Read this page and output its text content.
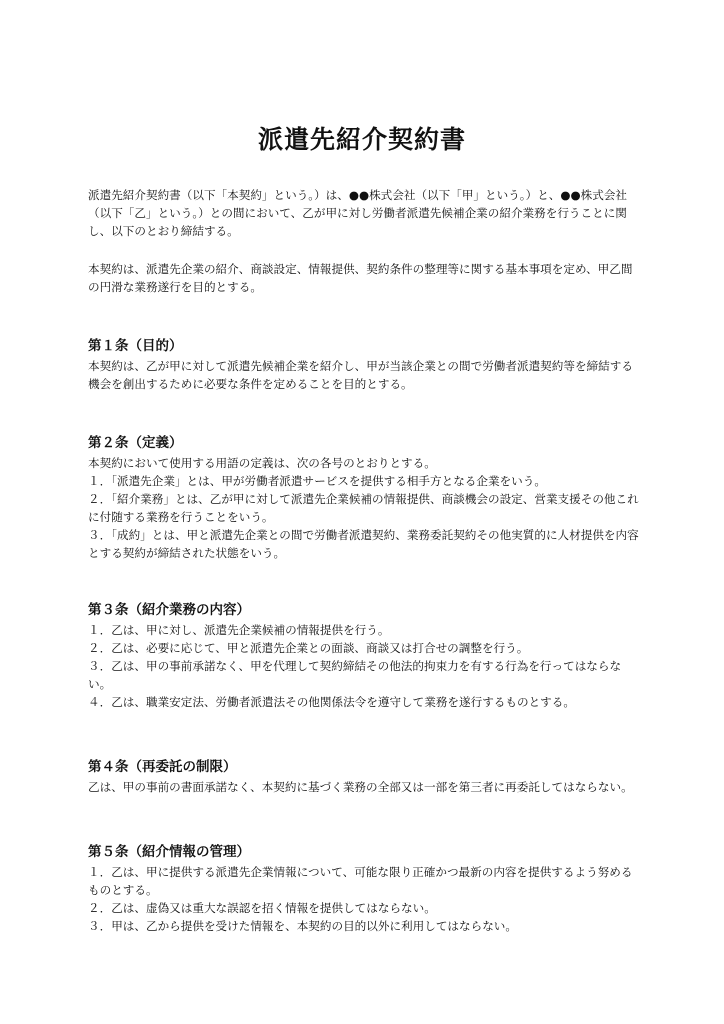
派遣先紹介契約書

派遣先紹介契約書（以下「本契約」という。）は、●●株式会社（以下「甲」という。）と、●●株式会社（以下「乙」という。）との間において、乙が甲に対し労働者派遣先候補企業の紹介業務を行うことに関し、以下のとおり締結する。

本契約は、派遣先企業の紹介、商談設定、情報提供、契約条件の整理等に関する基本事項を定め、甲乙間の円滑な業務遂行を目的とする。

第１条（目的）

本契約は、乙が甲に対して派遣先候補企業を紹介し、甲が当該企業との間で労働者派遣契約等を締結する機会を創出するために必要な条件を定めることを目的とする。

第２条（定義）

本契約において使用する用語の定義は、次の各号のとおりとする。

１．「派遣先企業」とは、甲が労働者派遣サービスを提供する相手方となる企業をいう。

２．「紹介業務」とは、乙が甲に対して派遣先企業候補の情報提供、商談機会の設定、営業支援その他これに付随する業務を行うことをいう。

３．「成約」とは、甲と派遣先企業との間で労働者派遣契約、業務委託契約その他実質的に人材提供を内容とする契約が締結された状態をいう。

第３条（紹介業務の内容）

１．乙は、甲に対し、派遣先企業候補の情報提供を行う。

２．乙は、必要に応じて、甲と派遣先企業との面談、商談又は打合せの調整を行う。

３．乙は、甲の事前承諾なく、甲を代理して契約締結その他法的拘束力を有する行為を行ってはならない。

４．乙は、職業安定法、労働者派遣法その他関係法令を遵守して業務を遂行するものとする。

第４条（再委託の制限）

乙は、甲の事前の書面承諾なく、本契約に基づく業務の全部又は一部を第三者に再委託してはならない。

第５条（紹介情報の管理）

１．乙は、甲に提供する派遣先企業情報について、可能な限り正確かつ最新の内容を提供するよう努めるものとする。

２．乙は、虚偽又は重大な誤認を招く情報を提供してはならない。

３．甲は、乙から提供を受けた情報を、本契約の目的以外に利用してはならない。
